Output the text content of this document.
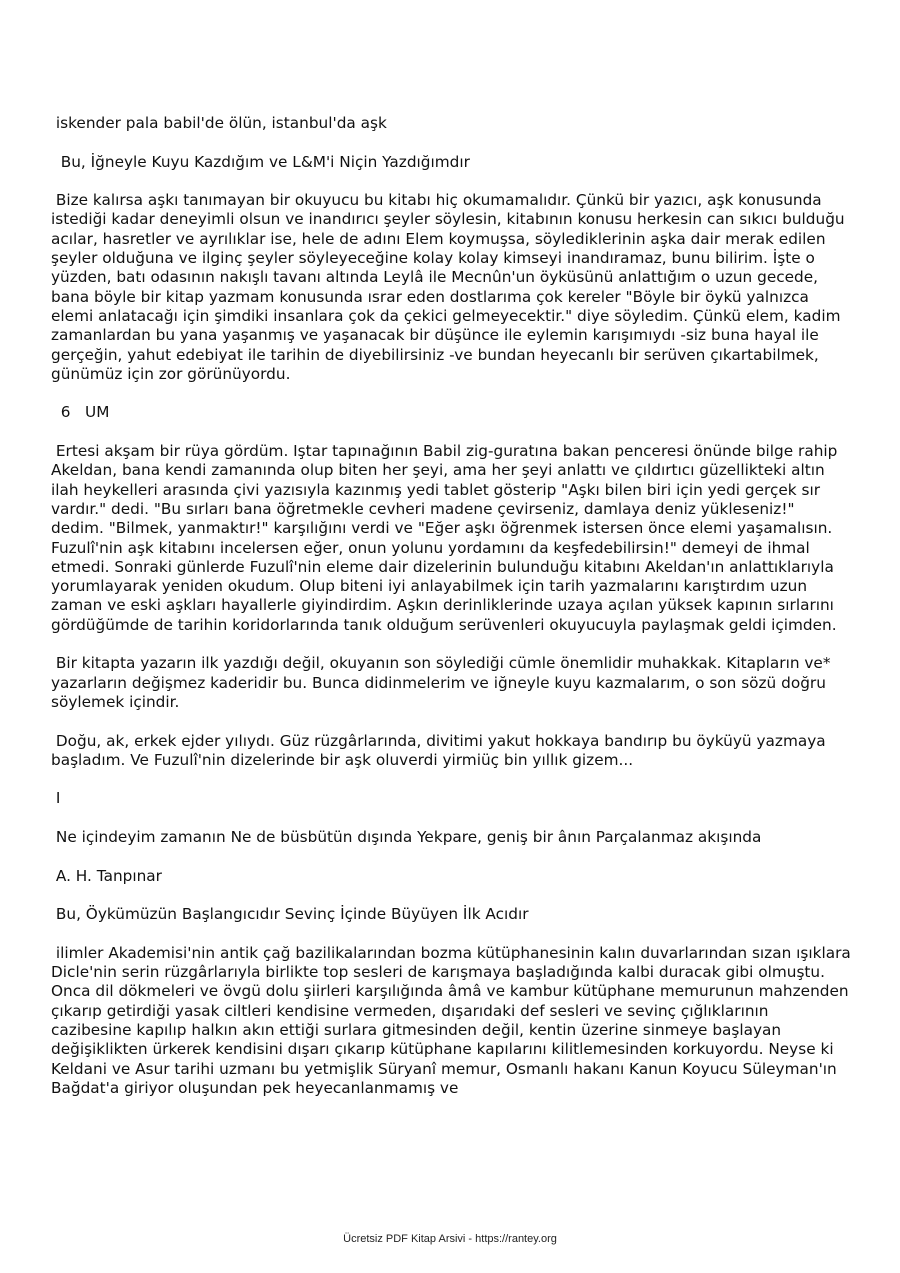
iskender pala babil'de ölün, istanbul'da aşk

Bu, İğneyle Kuyu Kazdığım ve L&M'i Niçin Yazdığımdır

Bize kalırsa aşkı tanımayan bir okuyucu bu kitabı hiç okumamalıdır. Çünkü bir yazıcı, aşk konusunda istediği kadar deneyimli olsun ve inandırıcı şeyler söylesin, kitabının konusu herkesin can sıkıcı bulduğu acılar, hasretler ve ayrılıklar ise, hele de adını Elem koymuşsa, söylediklerinin aşka dair merak edilen şeyler olduğuna ve ilginç şeyler söyleyeceğine kolay kolay kimseyi inandıramaz, bunu bilirim. İşte o yüzden, batı odasının nakışlı tavanı altında Leylâ ile Mecnûn'un öyküsünü anlattığım o uzun gecede, bana böyle bir kitap yazmam konusunda ısrar eden dostlarıma çok kereler "Böyle bir öykü yalnızca elemi anlatacağı için şimdiki insanlara çok da çekici gelmeyecektir." diye söyledim. Çünkü elem, kadim zamanlardan bu yana yaşanmış ve yaşanacak bir düşünce ile eylemin karışımıydı -siz buna hayal ile gerçeğin, yahut edebiyat ile tarihin de diyebilirsiniz -ve bundan heyecanlı bir serüven çıkartabilmek, günümüz için zor görünüyordu.

6   UM

Ertesi akşam bir rüya gördüm. Iştar tapınağının Babil zig-guratına bakan penceresi önünde bilge rahip Akeldan, bana kendi zamanında olup biten her şeyi, ama her şeyi anlattı ve çıldırtıcı güzellikteki altın ilah heykelleri arasında çivi yazısıyla kazınmış yedi tablet gösterip "Aşkı bilen biri için yedi gerçek sır vardır." dedi. "Bu sırları bana öğretmekle cevheri madene çevirseniz, damlaya deniz yükleseniz!" dedim. "Bilmek, yanmaktır!" karşılığını verdi ve "Eğer aşkı öğrenmek istersen önce elemi yaşamalısın. Fuzulî'nin aşk kitabını incelersen eğer, onun yolunu yordamını da keşfedebilirsin!" demeyi de ihmal etmedi. Sonraki günlerde Fuzulî'nin eleme dair dizelerinin bulunduğu kitabını Akeldan'ın anlattıklarıyla yorumlayarak yeniden okudum. Olup biteni iyi anlayabilmek için tarih yazmalarını karıştırdım uzun zaman ve eski aşkları hayallerle giyindirdim. Aşkın derinliklerinde uzaya açılan yüksek kapının sırlarını gördüğümde de tarihin koridorlarında tanık olduğum serüvenleri okuyucuyla paylaşmak geldi içimden.

Bir kitapta yazarın ilk yazdığı değil, okuyanın son söylediği cümle önemlidir muhakkak. Kitapların ve* yazarların değişmez kaderidir bu. Bunca didinmelerim ve iğneyle kuyu kazmalarım, o son sözü doğru söylemek içindir.

Doğu, ak, erkek ejder yılıydı. Güz rüzgârlarında, divitimi yakut hokkaya bandırıp bu öyküyü yazmaya başladım. Ve Fuzulî'nin dizelerinde bir aşk oluverdi yirmiüç bin yıllık gizem...

I

Ne içindeyim zamanın Ne de büsbütün dışında Yekpare, geniş bir ânın Parçalanmaz akışında

A. H. Tanpınar

Bu, Öykümüzün Başlangıcıdır Sevinç İçinde Büyüyen İlk Acıdır

ilimler Akademisi'nin antik çağ bazilikalarından bozma kütüphanesinin kalın duvarlarından sızan ışıklara Dicle'nin serin rüzgârlarıyla birlikte top sesleri de karışmaya başladığında kalbi duracak gibi olmuştu. Onca dil dökmeleri ve övgü dolu şiirleri karşılığında âmâ ve kambur kütüphane memurunun mahzenden çıkarıp getirdiği yasak ciltleri kendisine vermeden, dışarıdaki def sesleri ve sevinç çığlıklarının cazibesine kapılıp halkın akın ettiği surlara gitmesinden değil, kentin üzerine sinmeye başlayan değişiklikten ürkerek kendisini dışarı çıkarıp kütüphane kapılarını kilitlemesinden korkuyordu. Neyse ki Keldani ve Asur tarihi uzmanı bu yetmişlik Süryanî memur, Osmanlı hakanı Kanun Koyucu Süleyman'ın Bağdat'a giriyor oluşundan pek heyecanlanmamış ve

Ücretsiz PDF Kitap Arsivi - https://rantey.org
